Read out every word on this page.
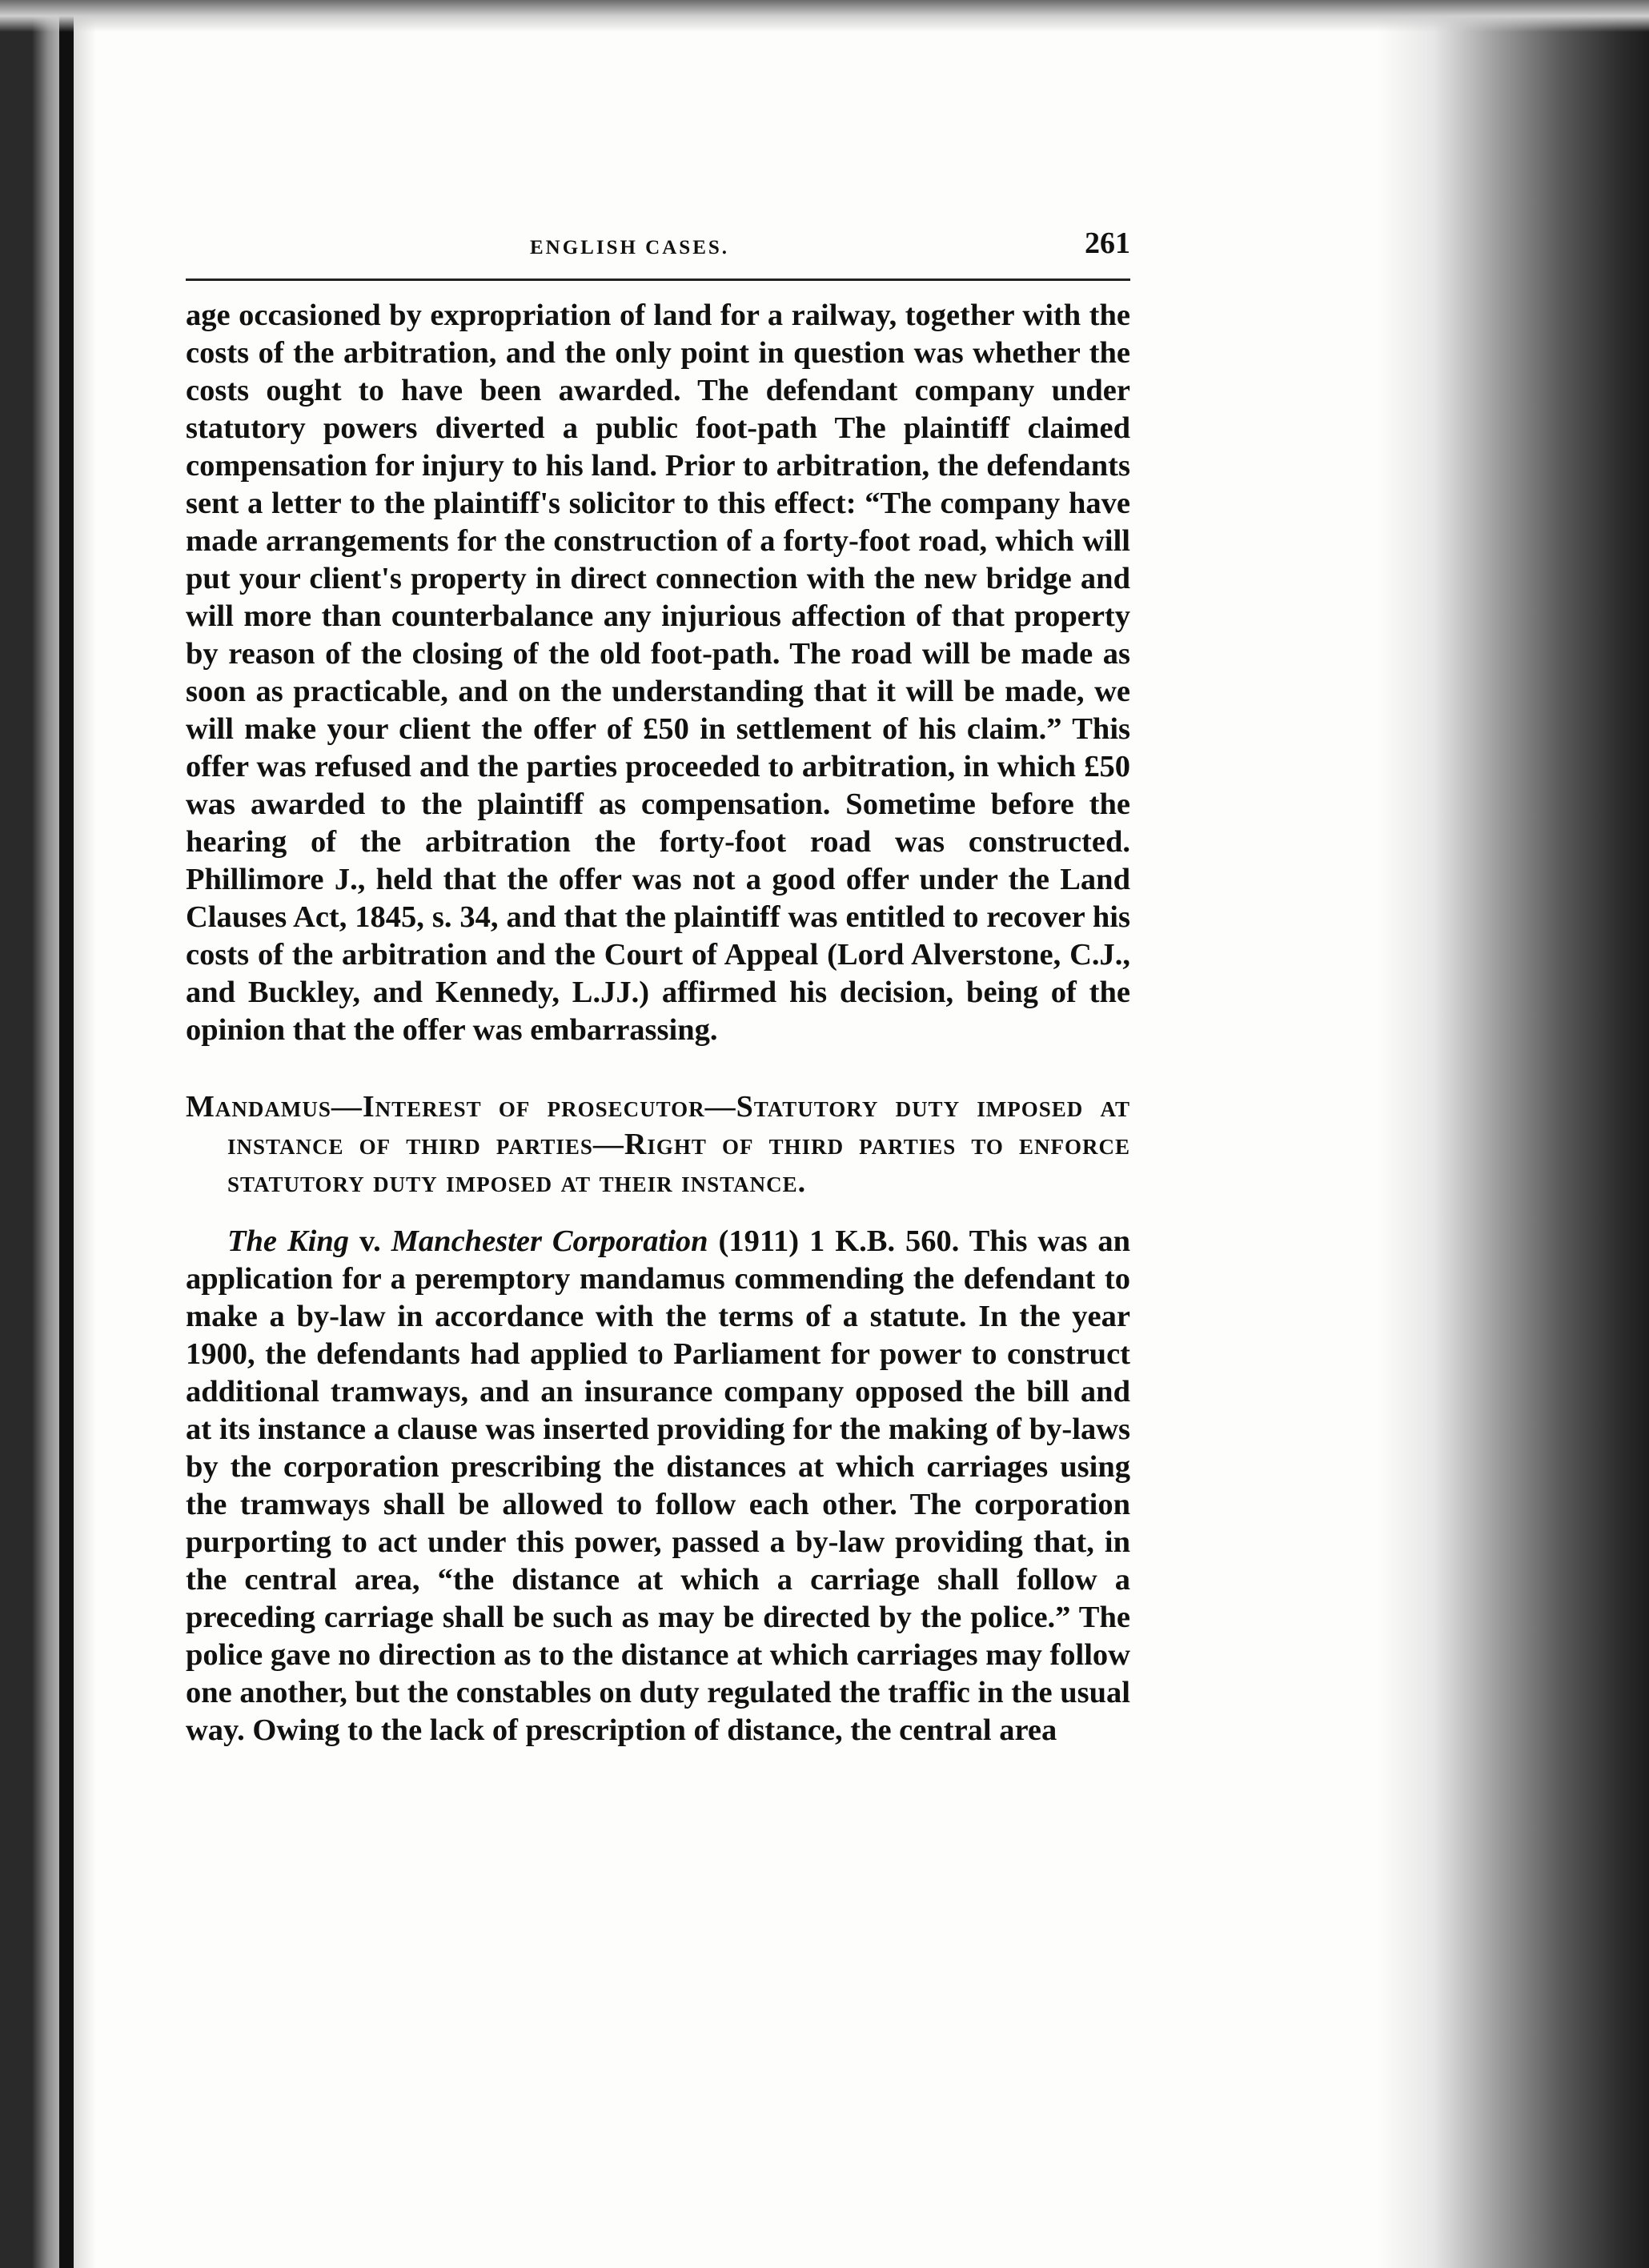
ENGLISH CASES.	261

age occasioned by expropriation of land for a railway, together with the costs of the arbitration, and the only point in question was whether the costs ought to have been awarded. The defendant company under statutory powers diverted a public foot-path The plaintiff claimed compensation for injury to his land. Prior to arbitration, the defendants sent a letter to the plaintiff's solicitor to this effect: “The company have made arrangements for the construction of a forty-foot road, which will put your client's property in direct connection with the new bridge and will more than counterbalance any injurious affection of that property by reason of the closing of the old foot-path. The road will be made as soon as practicable, and on the understanding that it will be made, we will make your client the offer of £50 in settlement of his claim.” This offer was refused and the parties proceeded to arbitration, in which £50 was awarded to the plaintiff as compensation. Sometime before the hearing of the arbitration the forty-foot road was constructed. Phillimore J., held that the offer was not a good offer under the Land Clauses Act, 1845, s. 34, and that the plaintiff was entitled to recover his costs of the arbitration and the Court of Appeal (Lord Alverstone, C.J., and Buckley, and Kennedy, L.JJ.) affirmed his decision, being of the opinion that the offer was embarrassing.

Mandamus—Interest of prosecutor—Statutory duty imposed at instance of third parties—Right of third parties to enforce statutory duty imposed at their instance.

The King v. Manchester Corporation (1911) 1 K.B. 560. This was an application for a peremptory mandamus commending the defendant to make a by-law in accordance with the terms of a statute. In the year 1900, the defendants had applied to Parliament for power to construct additional tramways, and an insurance company opposed the bill and at its instance a clause was inserted providing for the making of by-laws by the corporation prescribing the distances at which carriages using the tramways shall be allowed to follow each other. The corporation purporting to act under this power, passed a by-law providing that, in the central area, “the distance at which a carriage shall follow a preceding carriage shall be such as may be directed by the police.” The police gave no direction as to the distance at which carriages may follow one another, but the constables on duty regulated the traffic in the usual way. Owing to the lack of prescription of distance, the central area
